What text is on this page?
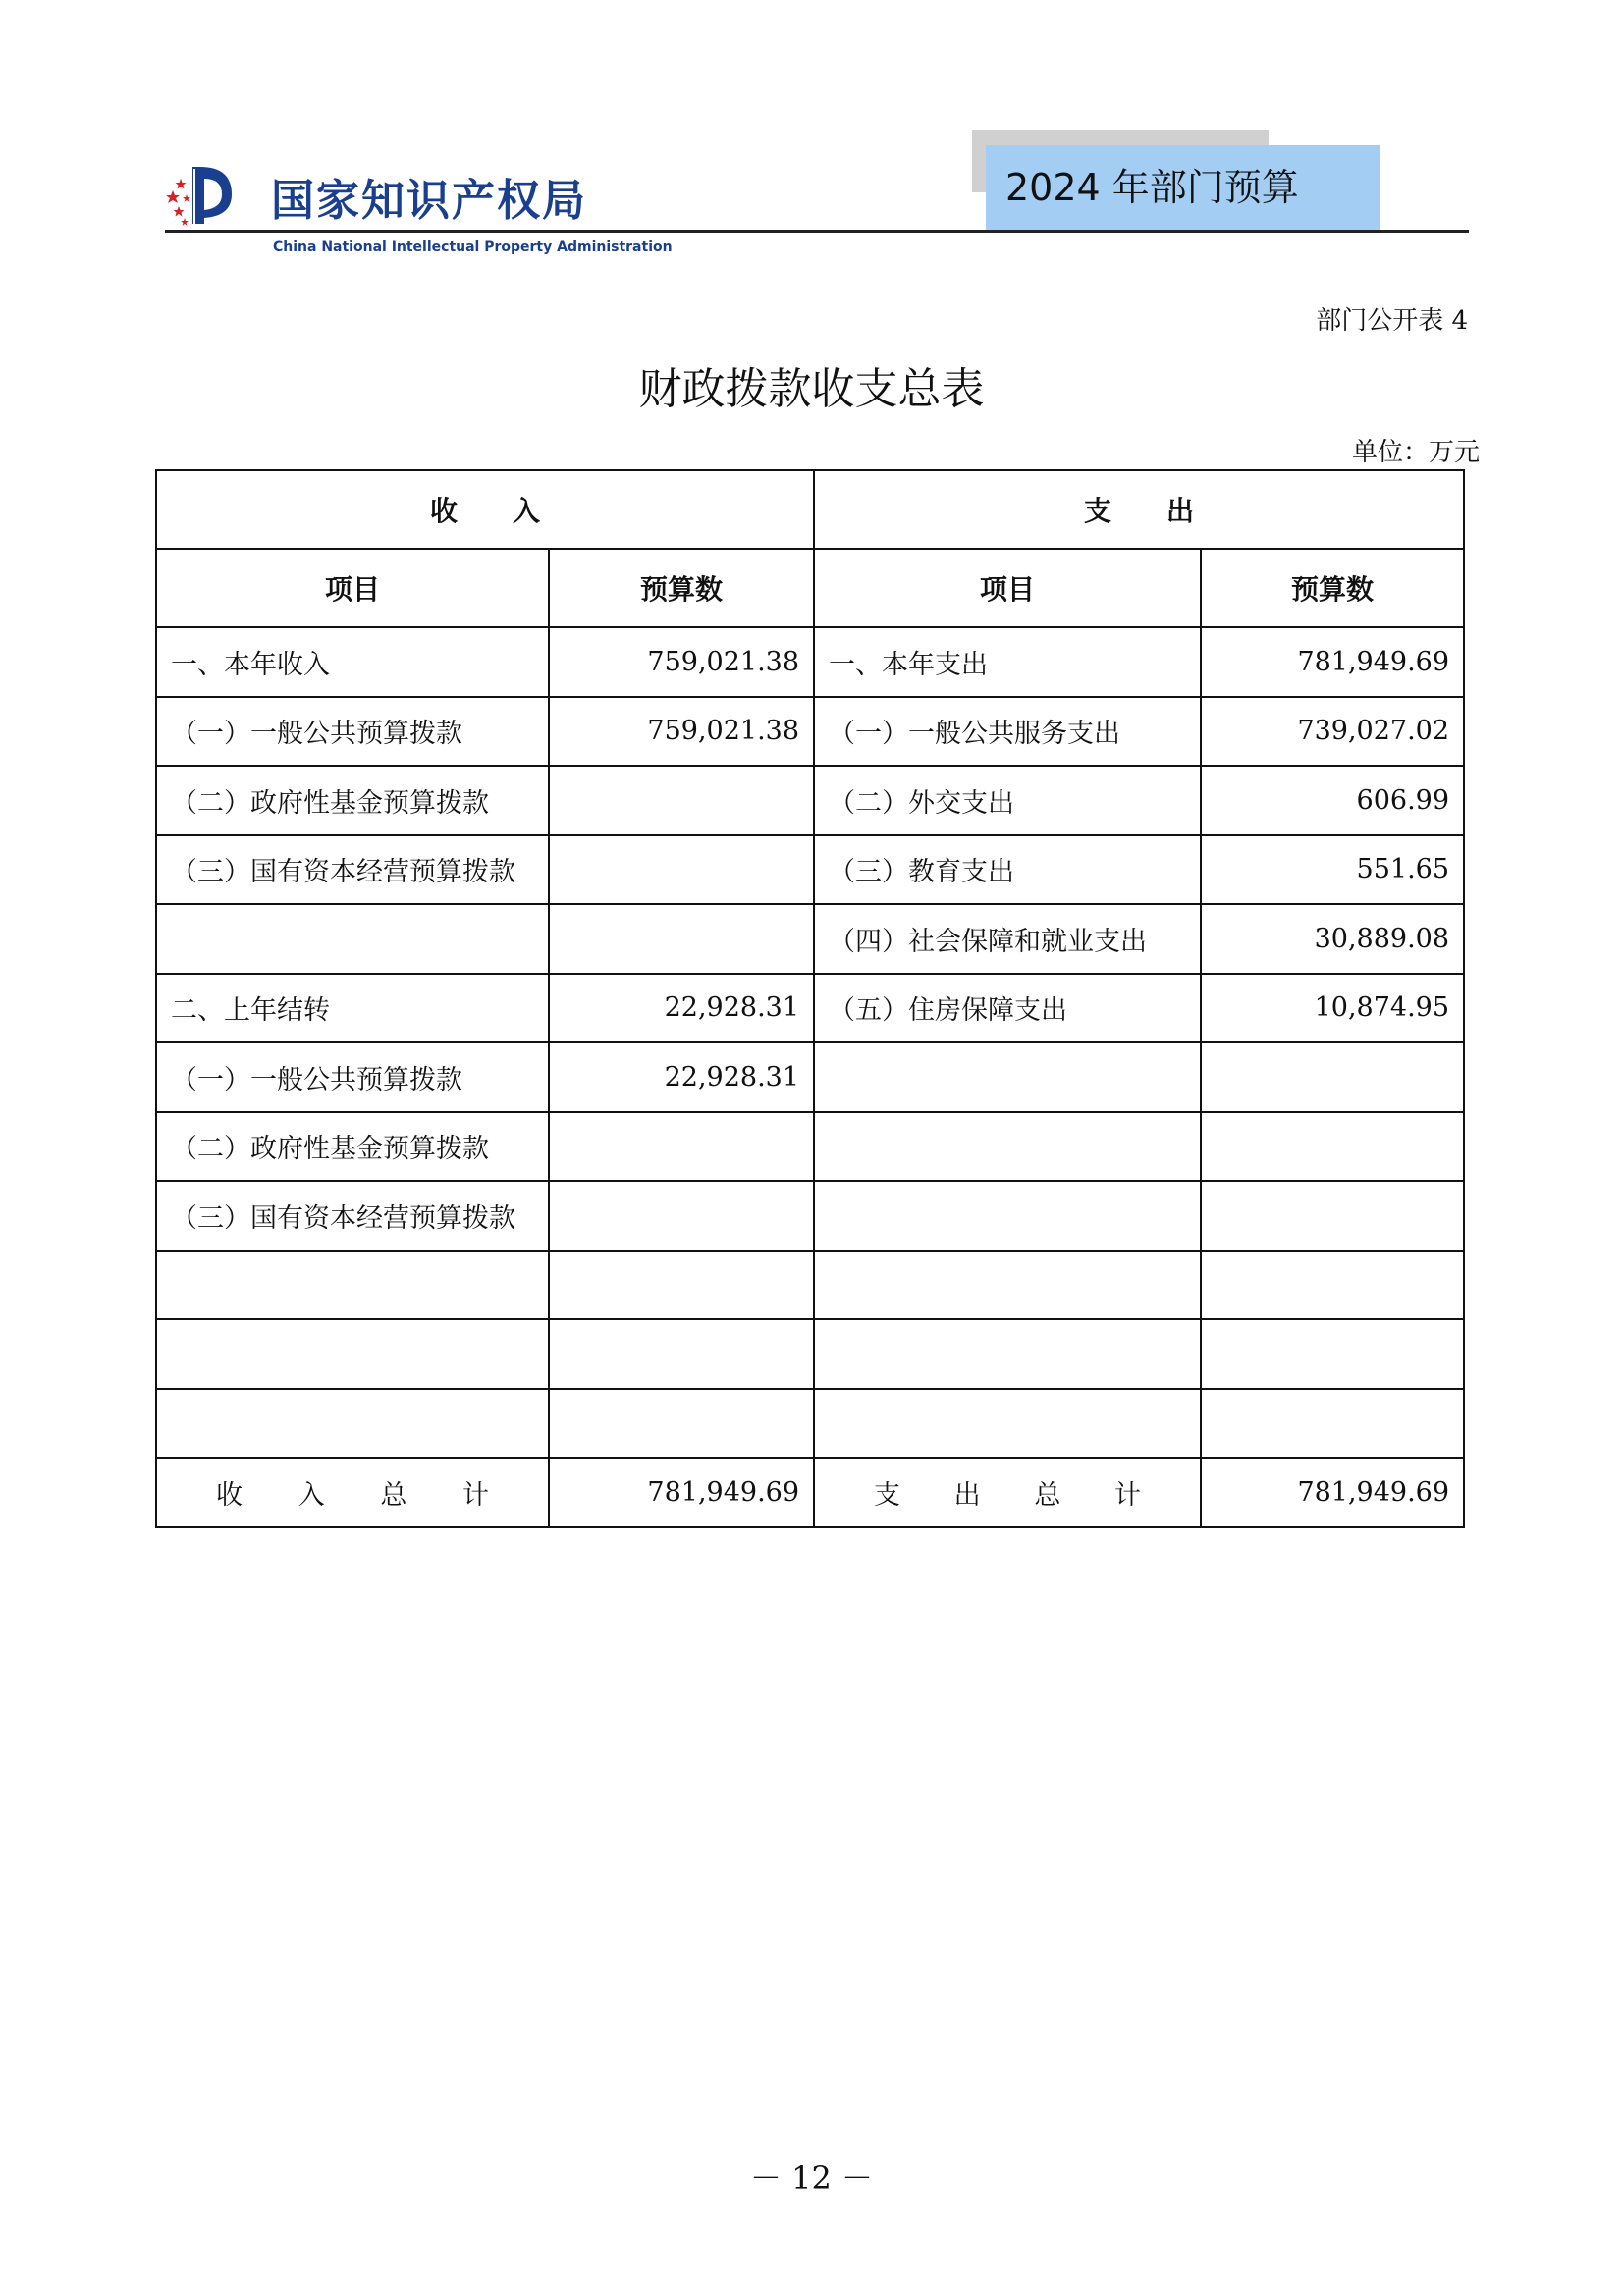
国家知识产权局
China National Intellectual Property Administration
2024 年部门预算
部门公开表 4
财政拨款收支总表
单位：万元
收　　入		支　　出	
项目	预算数	项目	预算数
一、本年收入	759,021.38	一、本年支出	781,949.69
（一）一般公共预算拨款	759,021.38	（一）一般公共服务支出	739,027.02
（二）政府性基金预算拨款		（二）外交支出	606.99
（三）国有资本经营预算拨款		（三）教育支出	551.65
		（四）社会保障和就业支出	30,889.08
二、上年结转	22,928.31	（五）住房保障支出	10,874.95
（一）一般公共预算拨款	22,928.31		
（二）政府性基金预算拨款			
（三）国有资本经营预算拨款			

收入总计	781,949.69	支出总计	781,949.69
－ 12 －
